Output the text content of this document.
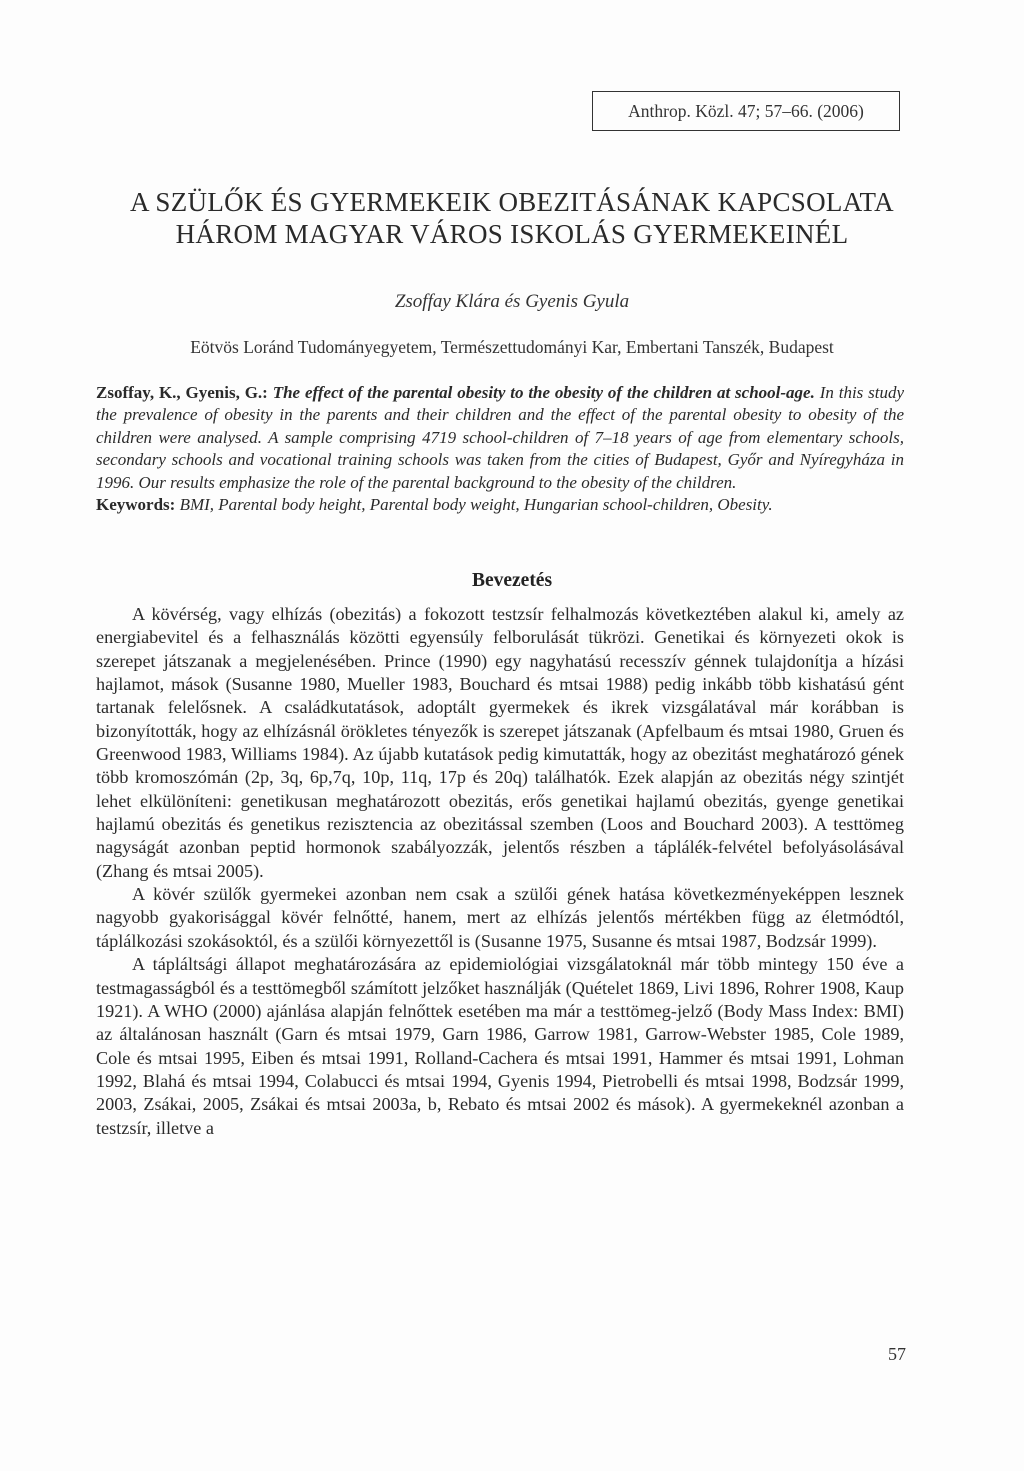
Anthrop. Közl. 47; 57–66. (2006)
A SZÜLŐK ÉS GYERMEKEIK OBEZITÁSÁNAK KAPCSOLATA
HÁROM MAGYAR VÁROS ISKOLÁS GYERMEKEINÉL
Zsoffay Klára és Gyenis Gyula
Eötvös Loránd Tudományegyetem, Természettudományi Kar, Embertani Tanszék, Budapest
Zsoffay, K., Gyenis, G.: The effect of the parental obesity to the obesity of the children at school-age. In this study the prevalence of obesity in the parents and their children and the effect of the parental obesity to obesity of the children were analysed. A sample comprising 4719 school-children of 7–18 years of age from elementary schools, secondary schools and vocational training schools was taken from the cities of Budapest, Győr and Nyíregyháza in 1996. Our results emphasize the role of the parental background to the obesity of the children.
Keywords: BMI, Parental body height, Parental body weight, Hungarian school-children, Obesity.
Bevezetés

A kövérség, vagy elhízás (obezitás) a fokozott testzsír felhalmozás következtében alakul ki, amely az energiabevitel és a felhasználás közötti egyensúly felborulását tükrözi. Genetikai és környezeti okok is szerepet játszanak a megjelenésében. Prince (1990) egy nagyhatású recesszív génnek tulajdonítja a hízási hajlamot, mások (Susanne 1980, Mueller 1983, Bouchard és mtsai 1988) pedig inkább több kishatású gént tartanak felelősnek. A családkutatások, adoptált gyermekek és ikrek vizsgálatával már korábban is bizonyították, hogy az elhízásnál örökletes tényezők is szerepet játszanak (Apfelbaum és mtsai 1980, Gruen és Greenwood 1983, Williams 1984). Az újabb kutatások pedig kimutatták, hogy az obezitást meghatározó gének több kromoszómán (2p, 3q, 6p,7q, 10p, 11q, 17p és 20q) találhatók. Ezek alapján az obezitás négy szintjét lehet elkülöníteni: genetikusan meghatározott obezitás, erős genetikai hajlamú obezitás, gyenge genetikai hajlamú obezitás és genetikus rezisztencia az obezitással szemben (Loos and Bouchard 2003). A testtömeg nagyságát azonban peptid hormonok szabályozzák, jelentős részben a táplálék-felvétel befolyásolásával (Zhang és mtsai 2005).

A kövér szülők gyermekei azonban nem csak a szülői gének hatása következményeképpen lesznek nagyobb gyakorisággal kövér felnőtté, hanem, mert az elhízás jelentős mértékben függ az életmódtól, táplálkozási szokásoktól, és a szülői környezettől is (Susanne 1975, Susanne és mtsai 1987, Bodzsár 1999).

A tápláltsági állapot meghatározására az epidemiológiai vizsgálatoknál már több mintegy 150 éve a testmagasságból és a testtömegből számított jelzőket használják (Quételet 1869, Livi 1896, Rohrer 1908, Kaup 1921). A WHO (2000) ajánlása alapján felnőttek esetében ma már a testtömeg-jelző (Body Mass Index: BMI) az általánosan használt (Garn és mtsai 1979, Garn 1986, Garrow 1981, Garrow-Webster 1985, Cole 1989, Cole és mtsai 1995, Eiben és mtsai 1991, Rolland-Cachera és mtsai 1991, Hammer és mtsai 1991, Lohman 1992, Blahá és mtsai 1994, Colabucci és mtsai 1994, Gyenis 1994, Pietrobelli és mtsai 1998, Bodzsár 1999, 2003, Zsákai, 2005, Zsákai és mtsai 2003a, b, Rebato és mtsai 2002 és mások). A gyermekeknél azonban a testzsír, illetve a

57
